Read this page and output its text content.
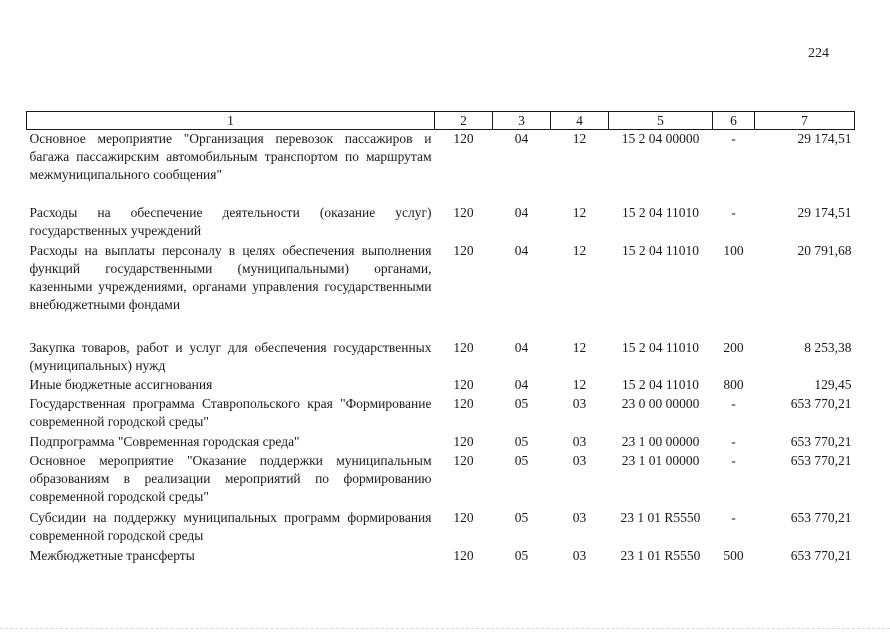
224
1	2	3	4	5	6	7
Основное мероприятие "Организация перевозок пассажиров и багажа пассажирским автомобильным транспортом по маршрутам межмуниципального сообщения"	120	04	12	15 2 04 00000	-	29 174,51
Расходы на обеспечение деятельности (оказание услуг) государственных учреждений	120	04	12	15 2 04 11010	-	29 174,51
Расходы на выплаты персоналу в целях обеспечения выполнения функций государственными (муниципальными) органами, казенными учреждениями, органами управления государственными внебюджетными фондами	120	04	12	15 2 04 11010	100	20 791,68
Закупка товаров, работ и услуг для обеспечения государственных (муниципальных) нужд	120	04	12	15 2 04 11010	200	8 253,38
Иные бюджетные ассигнования	120	04	12	15 2 04 11010	800	129,45
Государственная программа Ставропольского края "Формирование современной городской среды"	120	05	03	23 0 00 00000	-	653 770,21
Подпрограмма "Современная городская среда"	120	05	03	23 1 00 00000	-	653 770,21
Основное мероприятие "Оказание поддержки муниципальным образованиям в реализации мероприятий по формированию современной городской среды"	120	05	03	23 1 01 00000	-	653 770,21
Субсидии на поддержку муниципальных программ формирования современной городской среды	120	05	03	23 1 01 R5550	-	653 770,21
Межбюджетные трансферты	120	05	03	23 1 01 R5550	500	653 770,21
